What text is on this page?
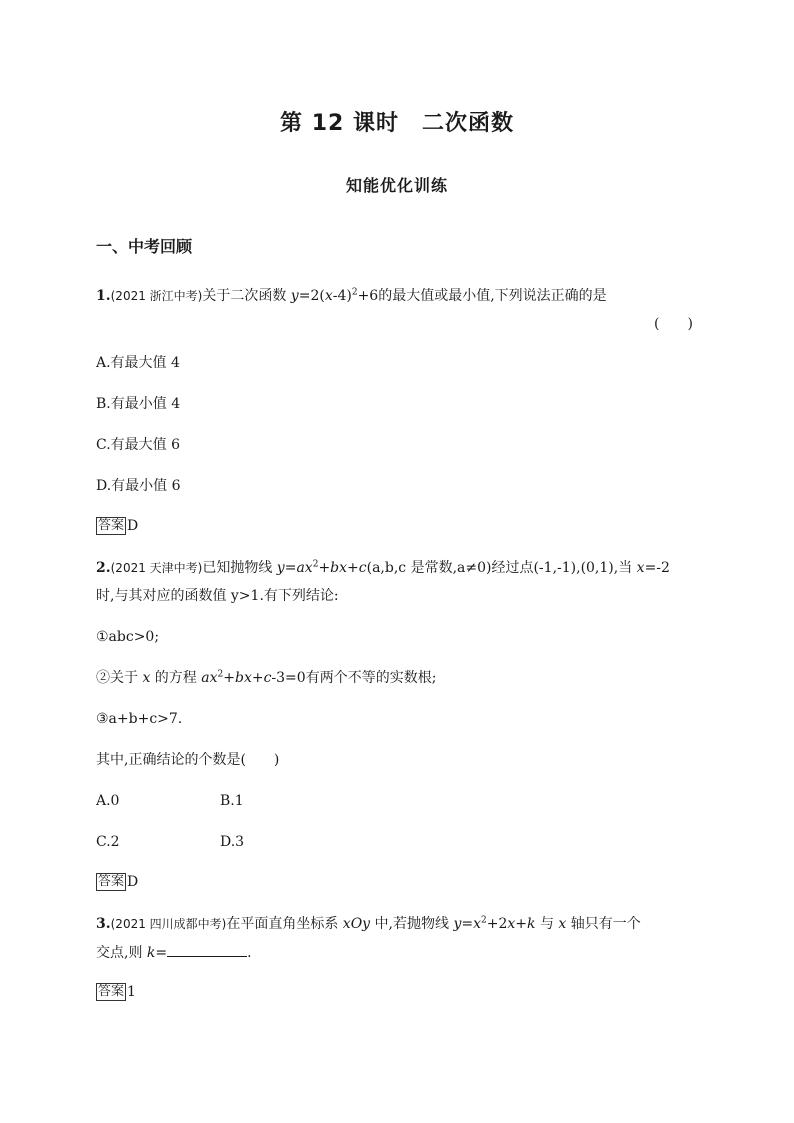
第 12 课时　二次函数
知能优化训练
一、中考回顾
1.(2021 浙江中考)关于二次函数 $y=2(x-4)^2+6$的最大值或最小值,下列说法正确的是
(　　)
A.有最大值 4
B.有最小值 4
C.有最大值 6
D.有最小值 6
答案 D
2.(2021 天津中考)已知抛物线 $y=ax^2+bx+c(a,b,c$ 是常数,a≠0)经过点(-1,-1),(0,1),当 x=-2
时,与其对应的函数值 y>1.有下列结论:
①abc>0;
②关于 x 的方程 $ax^2+bx+c-3=0$有两个不等的实数根;
③a+b+c>7.
其中,正确结论的个数是(　　)
A.0	B.1
C.2	D.3
答案 D
3.(2021 四川成都中考)在平面直角坐标系 xOy 中,若抛物线 $y=x^2+2x+k$ 与 x 轴只有一个
交点,则 k=	.
答案 1
